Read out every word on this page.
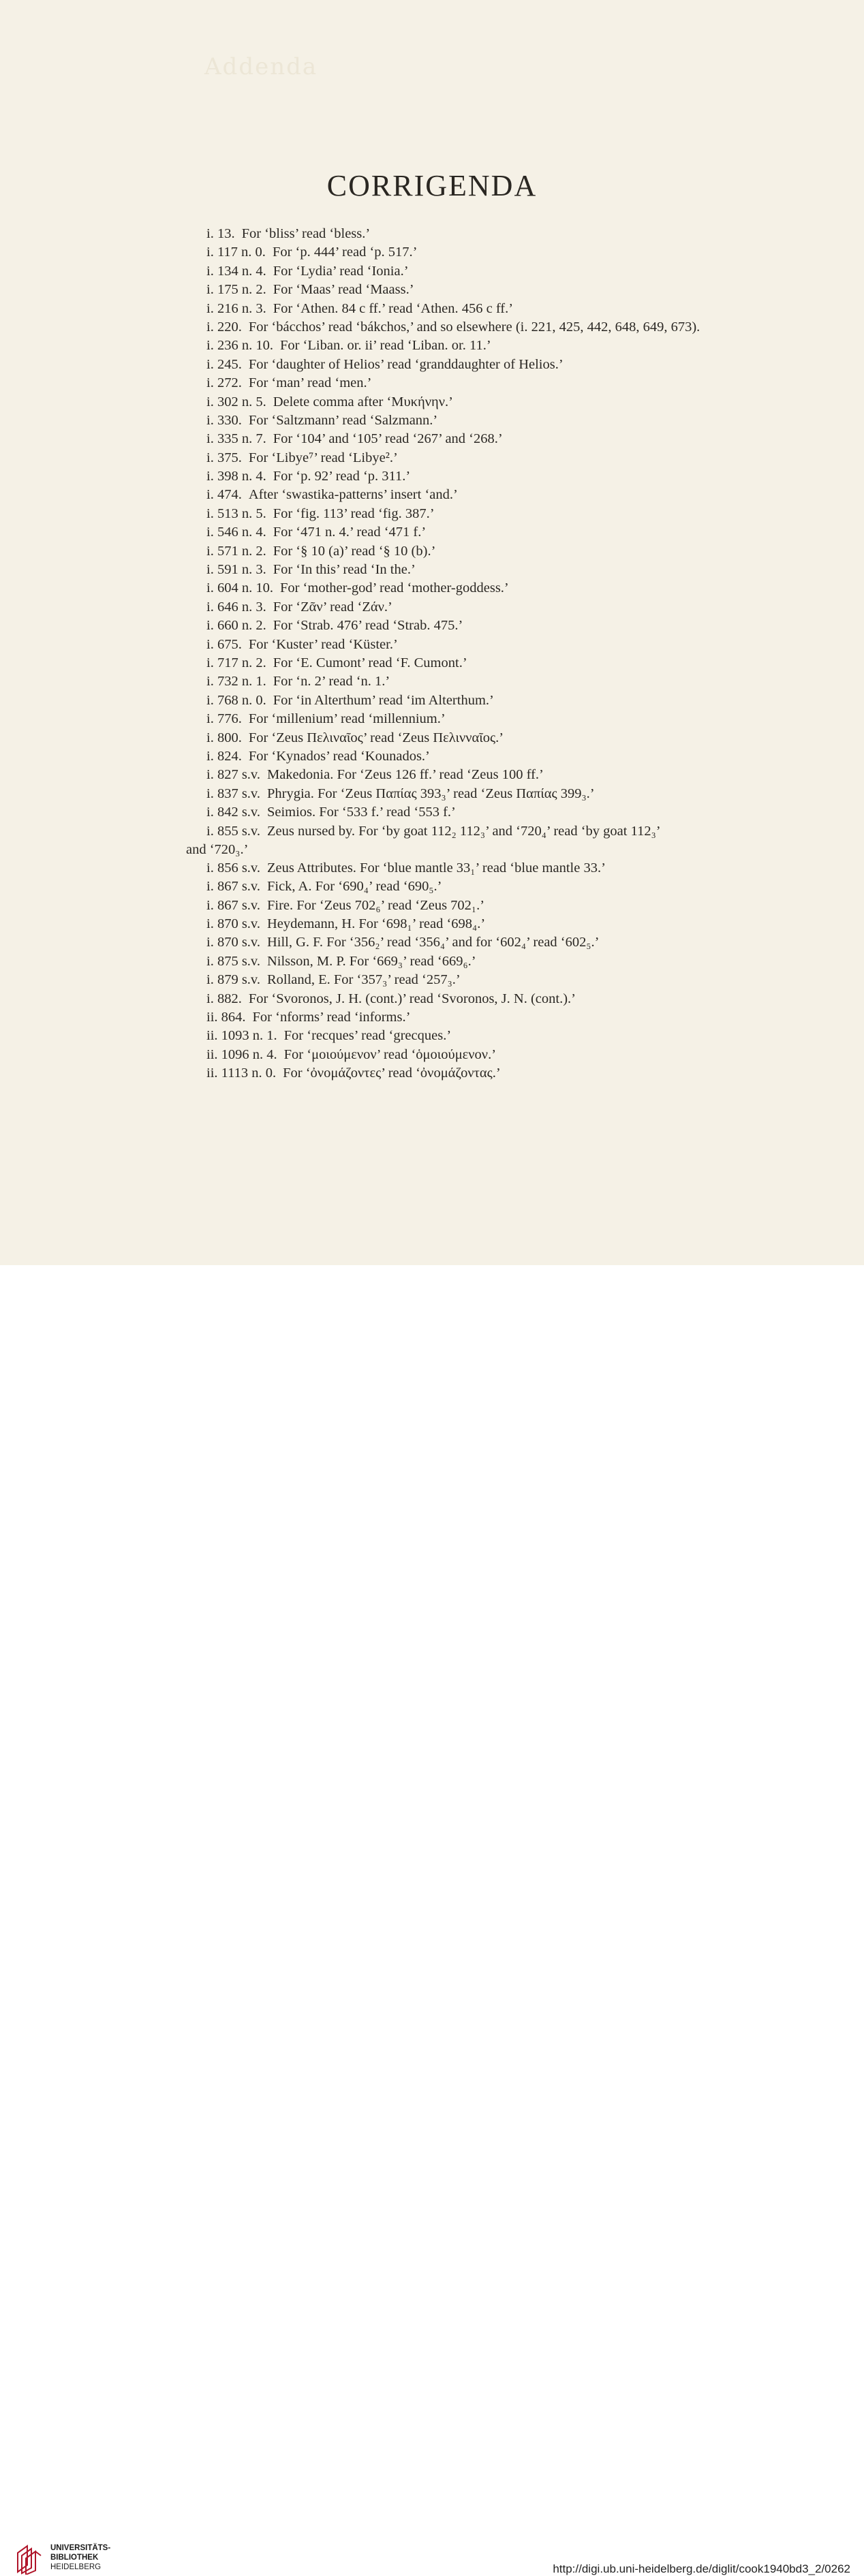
Addenda
CORRIGENDA
i. 13. For ‘bliss’ read ‘bless.’
i. 117 n. 0. For ‘p. 444’ read ‘p. 517.’
i. 134 n. 4. For ‘Lydia’ read ‘Ionia.’
i. 175 n. 2. For ‘Maas’ read ‘Maass.’
i. 216 n. 3. For ‘Athen. 84 c ff.’ read ‘Athen. 456 c ff.’
i. 220. For ‘bácchos’ read ‘bákchos,’ and so elsewhere (i. 221, 425, 442, 648, 649, 673).
i. 236 n. 10. For ‘Liban. or. ii’ read ‘Liban. or. 11.’
i. 245. For ‘daughter of Helios’ read ‘granddaughter of Helios.’
i. 272. For ‘man’ read ‘men.’
i. 302 n. 5. Delete comma after ‘Μυκήνην.’
i. 330. For ‘Saltzmann’ read ‘Salzmann.’
i. 335 n. 7. For ‘104’ and ‘105’ read ‘267’ and ‘268.’
i. 375. For ‘Libye⁷’ read ‘Libye².’
i. 398 n. 4. For ‘p. 92’ read ‘p. 311.’
i. 474. After ‘swastika-patterns’ insert ‘and.’
i. 513 n. 5. For ‘fig. 113’ read ‘fig. 387.’
i. 546 n. 4. For ‘471 n. 4.’ read ‘471 f.’
i. 571 n. 2. For ‘§ 10 (a)’ read ‘§ 10 (b).’
i. 591 n. 3. For ‘In this’ read ‘In the.’
i. 604 n. 10. For ‘mother-god’ read ‘mother-goddess.’
i. 646 n. 3. For ‘Ζᾶν’ read ‘Ζάν.’
i. 660 n. 2. For ‘Strab. 476’ read ‘Strab. 475.’
i. 675. For ‘Kuster’ read ‘Küster.’
i. 717 n. 2. For ‘E. Cumont’ read ‘F. Cumont.’
i. 732 n. 1. For ‘n. 2’ read ‘n. 1.’
i. 768 n. 0. For ‘in Alterthum’ read ‘im Alterthum.’
i. 776. For ‘millenium’ read ‘millennium.’
i. 800. For ‘Zeus Πελιναῖος’ read ‘Zeus Πελινναῖος.’
i. 824. For ‘Kynados’ read ‘Kounados.’
i. 827 s.v. Makedonia. For ‘Zeus 126 ff.’ read ‘Zeus 100 ff.’
i. 837 s.v. Phrygia. For ‘Zeus Παπίας 393₃’ read ‘Zeus Παπίας 399₃.’
i. 842 s.v. Seimios. For ‘533 f.’ read ‘553 f.’
i. 855 s.v. Zeus nursed by. For ‘by goat 112₂ 112₃’ and ‘720₄’ read ‘by goat 112₃’
and ‘720₃.’
i. 856 s.v. Zeus Attributes. For ‘blue mantle 33₁’ read ‘blue mantle 33.’
i. 867 s.v. Fick, A. For ‘690₄’ read ‘690₅.’
i. 867 s.v. Fire. For ‘Zeus 702₆’ read ‘Zeus 702₁.’
i. 870 s.v. Heydemann, H. For ‘698₁’ read ‘698₄.’
i. 870 s.v. Hill, G. F. For ‘356₂’ read ‘356₄’ and for ‘602₄’ read ‘602₅.’
i. 875 s.v. Nilsson, M. P. For ‘669₃’ read ‘669₆.’
i. 879 s.v. Rolland, E. For ‘357₃’ read ‘257₃.’
i. 882. For ‘Svoronos, J. H. (cont.)’ read ‘Svoronos, J. N. (cont.).’
ii. 864. For ‘nforms’ read ‘informs.’
ii. 1093 n. 1. For ‘recques’ read ‘grecques.’
ii. 1096 n. 4. For ‘μοιούμενον’ read ‘ὁμοιούμενον.’
ii. 1113 n. 0. For ‘ὀνομάζοντες’ read ‘ὀνομάζοντας.’
UNIVERSITÄTS-
BIBLIOTHEK
HEIDELBERG	http://digi.ub.uni-heidelberg.de/diglit/cook1940bd3_2/0262
